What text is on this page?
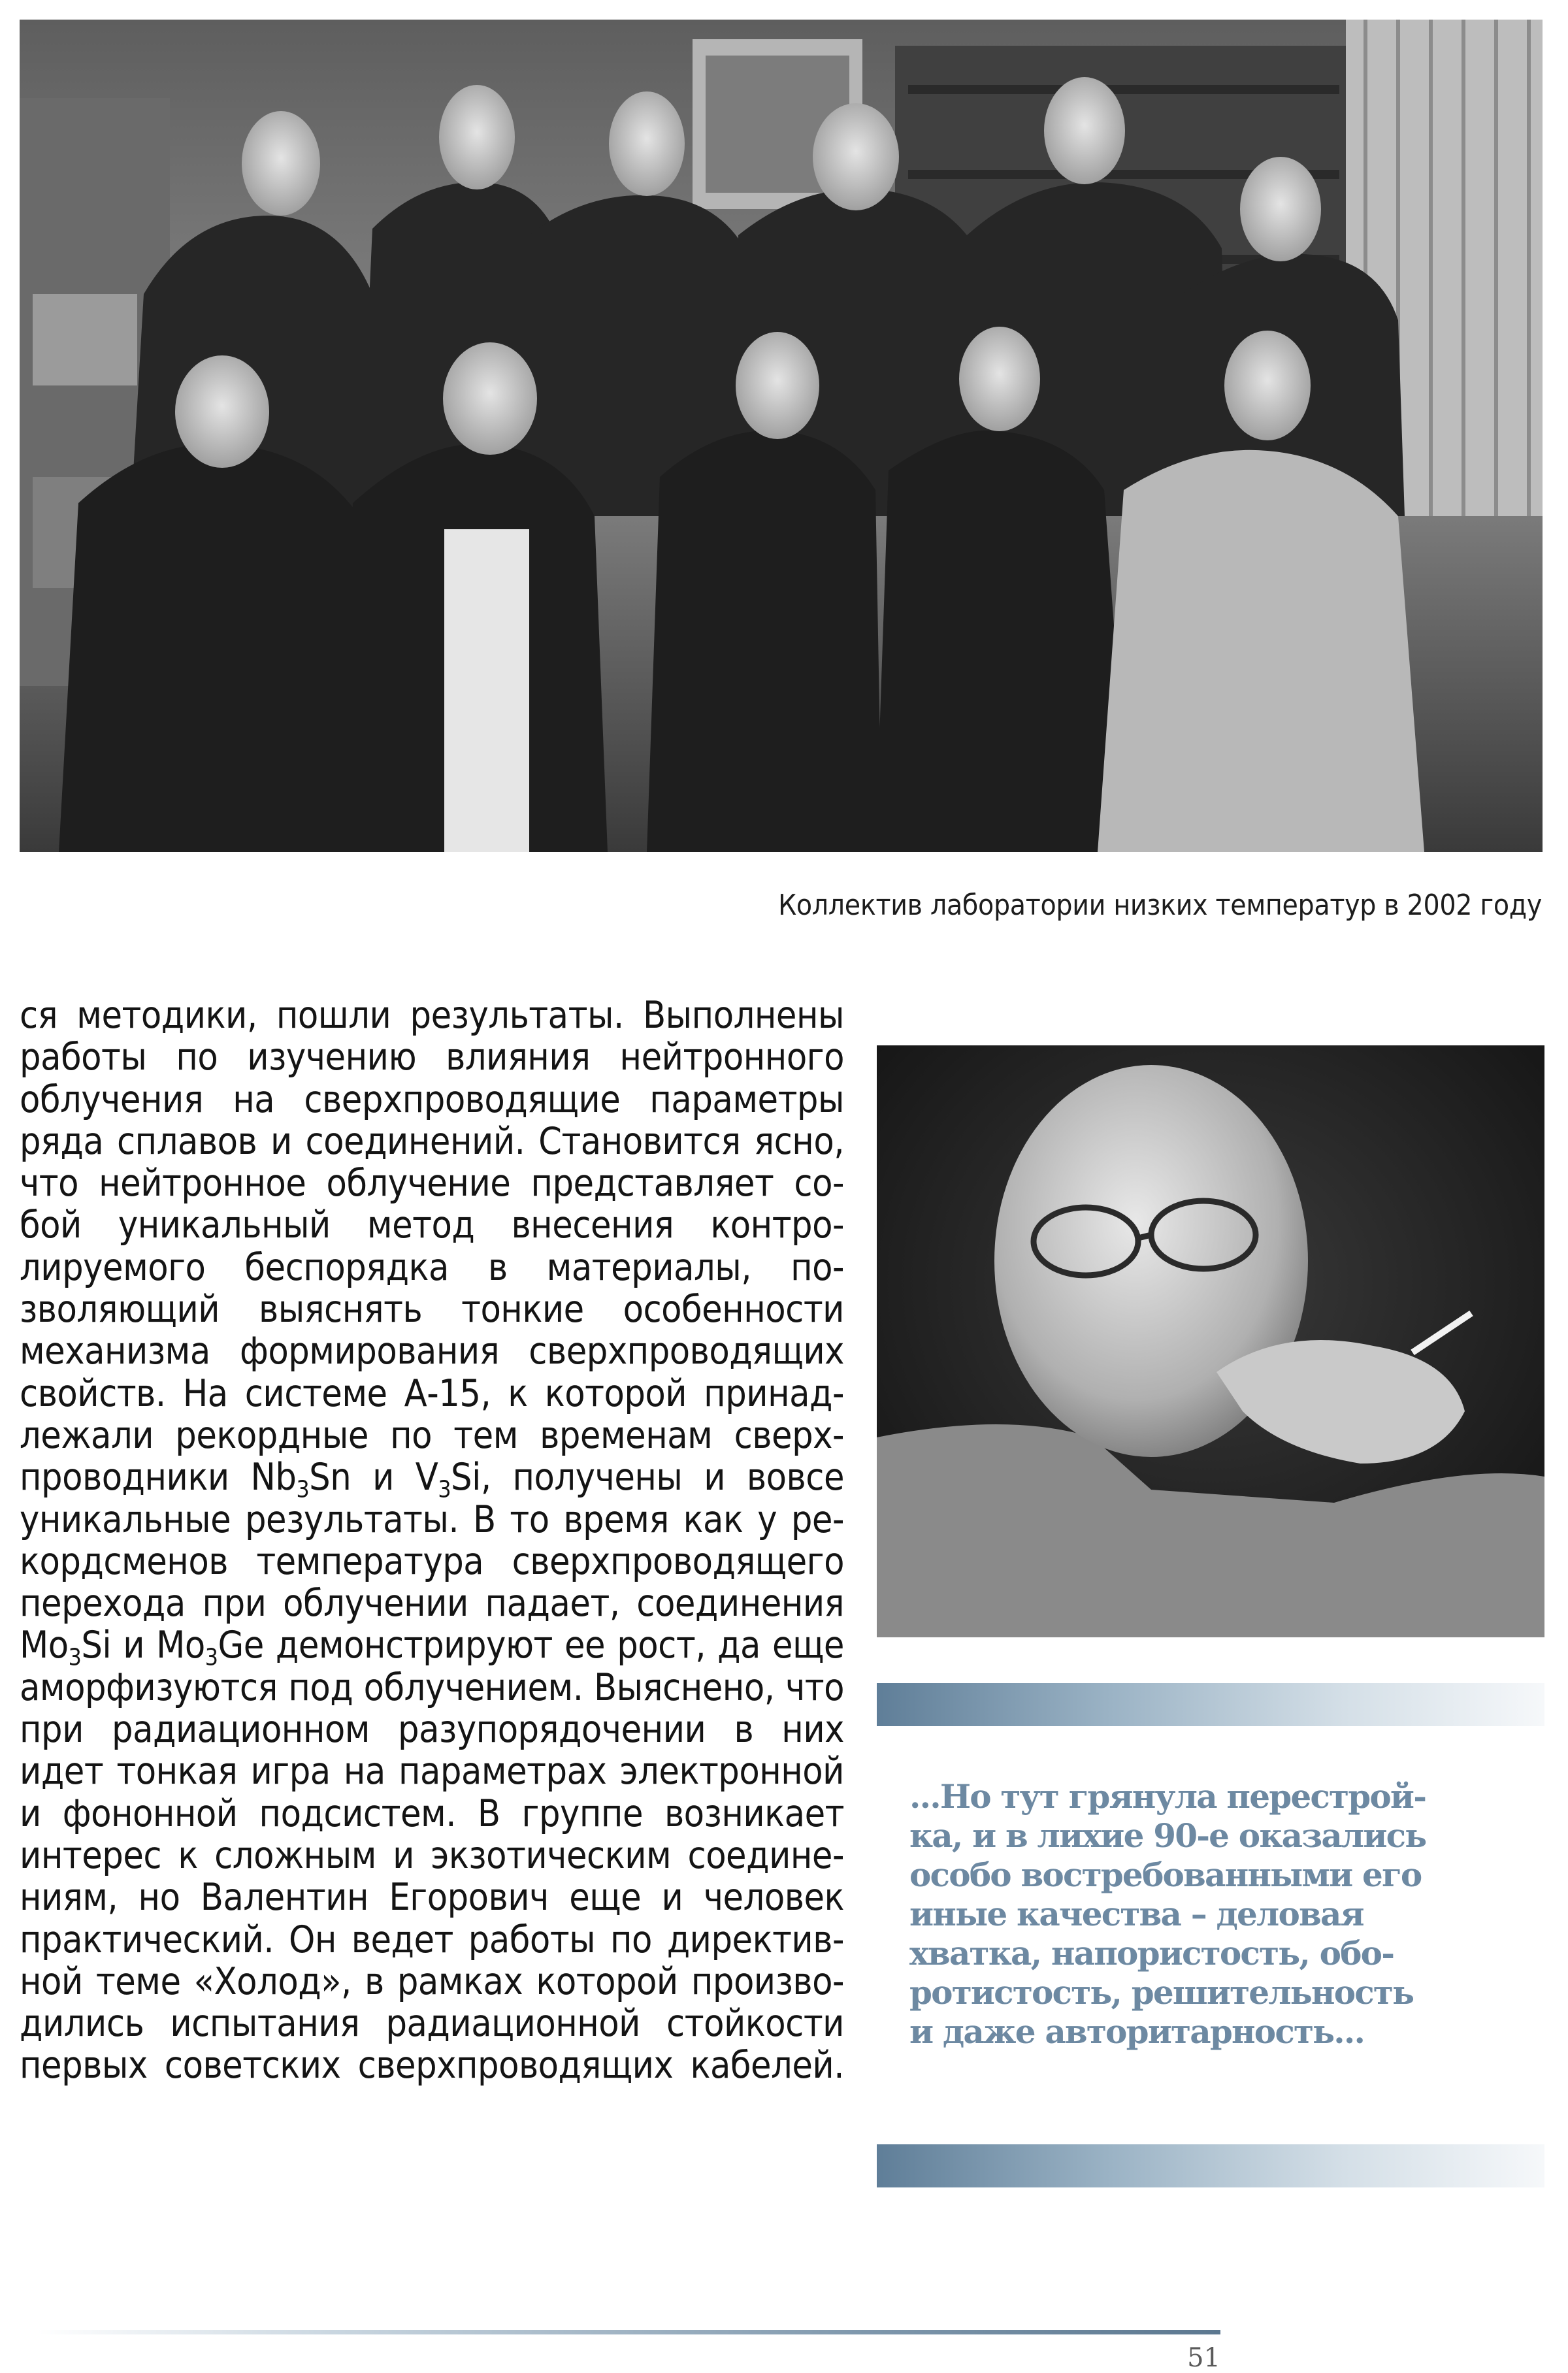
Коллектив лаборатории низких температур в 2002 году
ся методики, пошли результаты. Выполнены
работы по изучению влияния нейтронного
облучения на сверхпроводящие параметры
ряда сплавов и соединений. Становится ясно,
что нейтронное облучение представляет со-
бой уникальный метод внесения контро-
лируемого беспорядка в материалы, по-
зволяющий выяснять тонкие особенности
механизма формирования сверхпроводящих
свойств. На системе А-15, к которой принад-
лежали рекордные по тем временам сверх-
проводники $Nb_3Sn$ и $V_3Si$, получены и вовсе
уникальные результаты. В то время как у ре-
кордсменов температура сверхпроводящего
перехода при облучении падает, соединения
$Mo_3Si$ и $Mo_3Ge$ демонстрируют ее рост, да еще
аморфизуются под облучением. Выяснено, что
при радиационном разупорядочении в них
идет тонкая игра на параметрах электронной
и фононной подсистем. В группе возникает
интерес к сложным и экзотическим соедине-
ниям, но Валентин Егорович еще и человек
практический. Он ведет работы по директив-
ной теме «Холод», в рамках которой произво-
дились испытания радиационной стойкости
первых советских сверхпроводящих кабелей.
...Но тут грянула перестрой-
ка, и в лихие 90-е оказались
особо востребованными его
иные качества – деловая
хватка, напористость, обо-
ротистость, решительность
и даже авторитарность...
51
